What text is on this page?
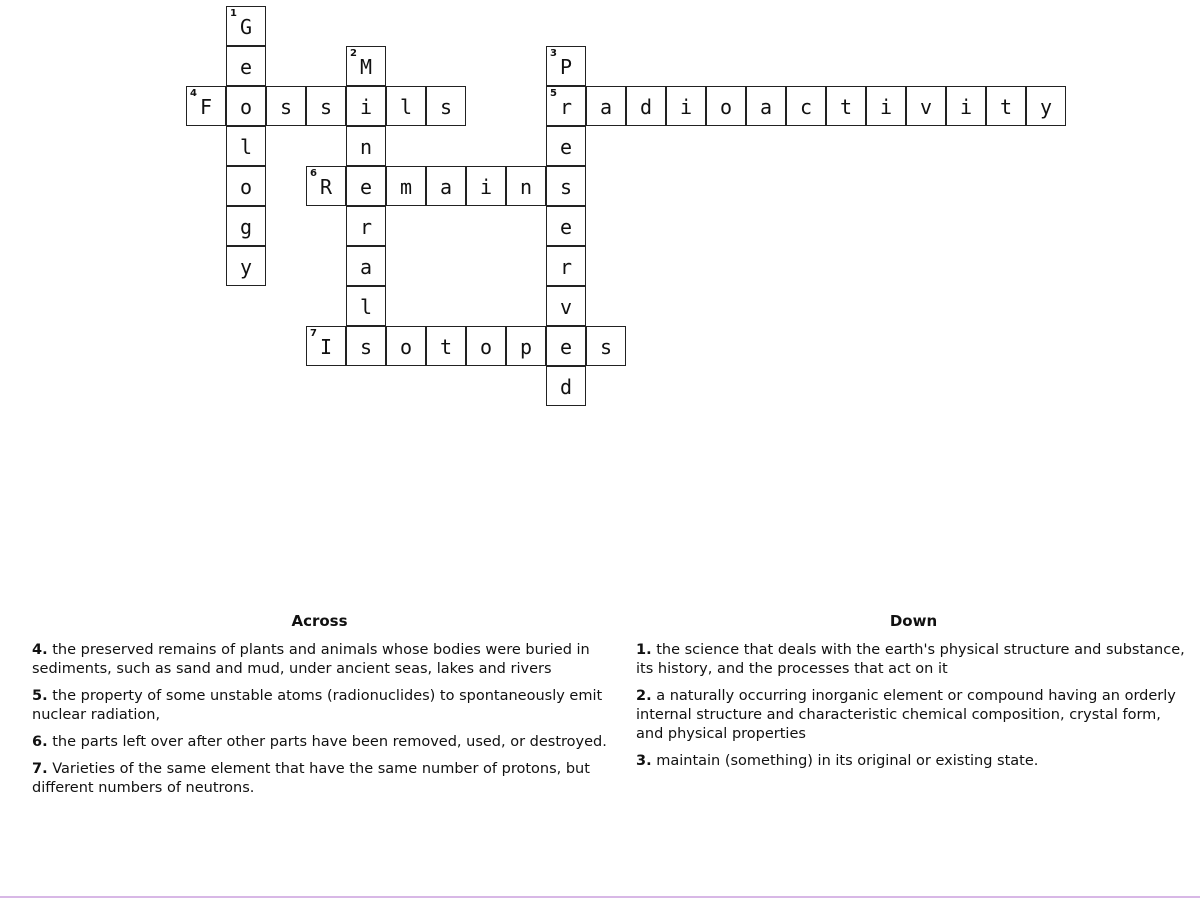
1
G
e
o
l
o
g
y
2
M
i
n
e
r
a
l
3
P
5
r
e
s
e
r
v
e
d
4
F	s	s	l	s	a	d	i	o	a	c	t	i	v	i	t	y
6
R	m	a	i	n
7
I	s	o	t	o	p	s
Across
4. the preserved remains of plants and animals whose bodies were buried in sediments, such as sand and mud, under ancient seas, lakes and rivers
5. the property of some unstable atoms (radionuclides) to spontaneously emit nuclear radiation,
6. the parts left over after other parts have been removed, used, or destroyed.
7. Varieties of the same element that have the same number of protons, but different numbers of neutrons.
Down
1. the science that deals with the earth's physical structure and substance, its history, and the processes that act on it
2. a naturally occurring inorganic element or compound having an orderly internal structure and characteristic chemical composition, crystal form, and physical properties
3. maintain (something) in its original or existing state.
